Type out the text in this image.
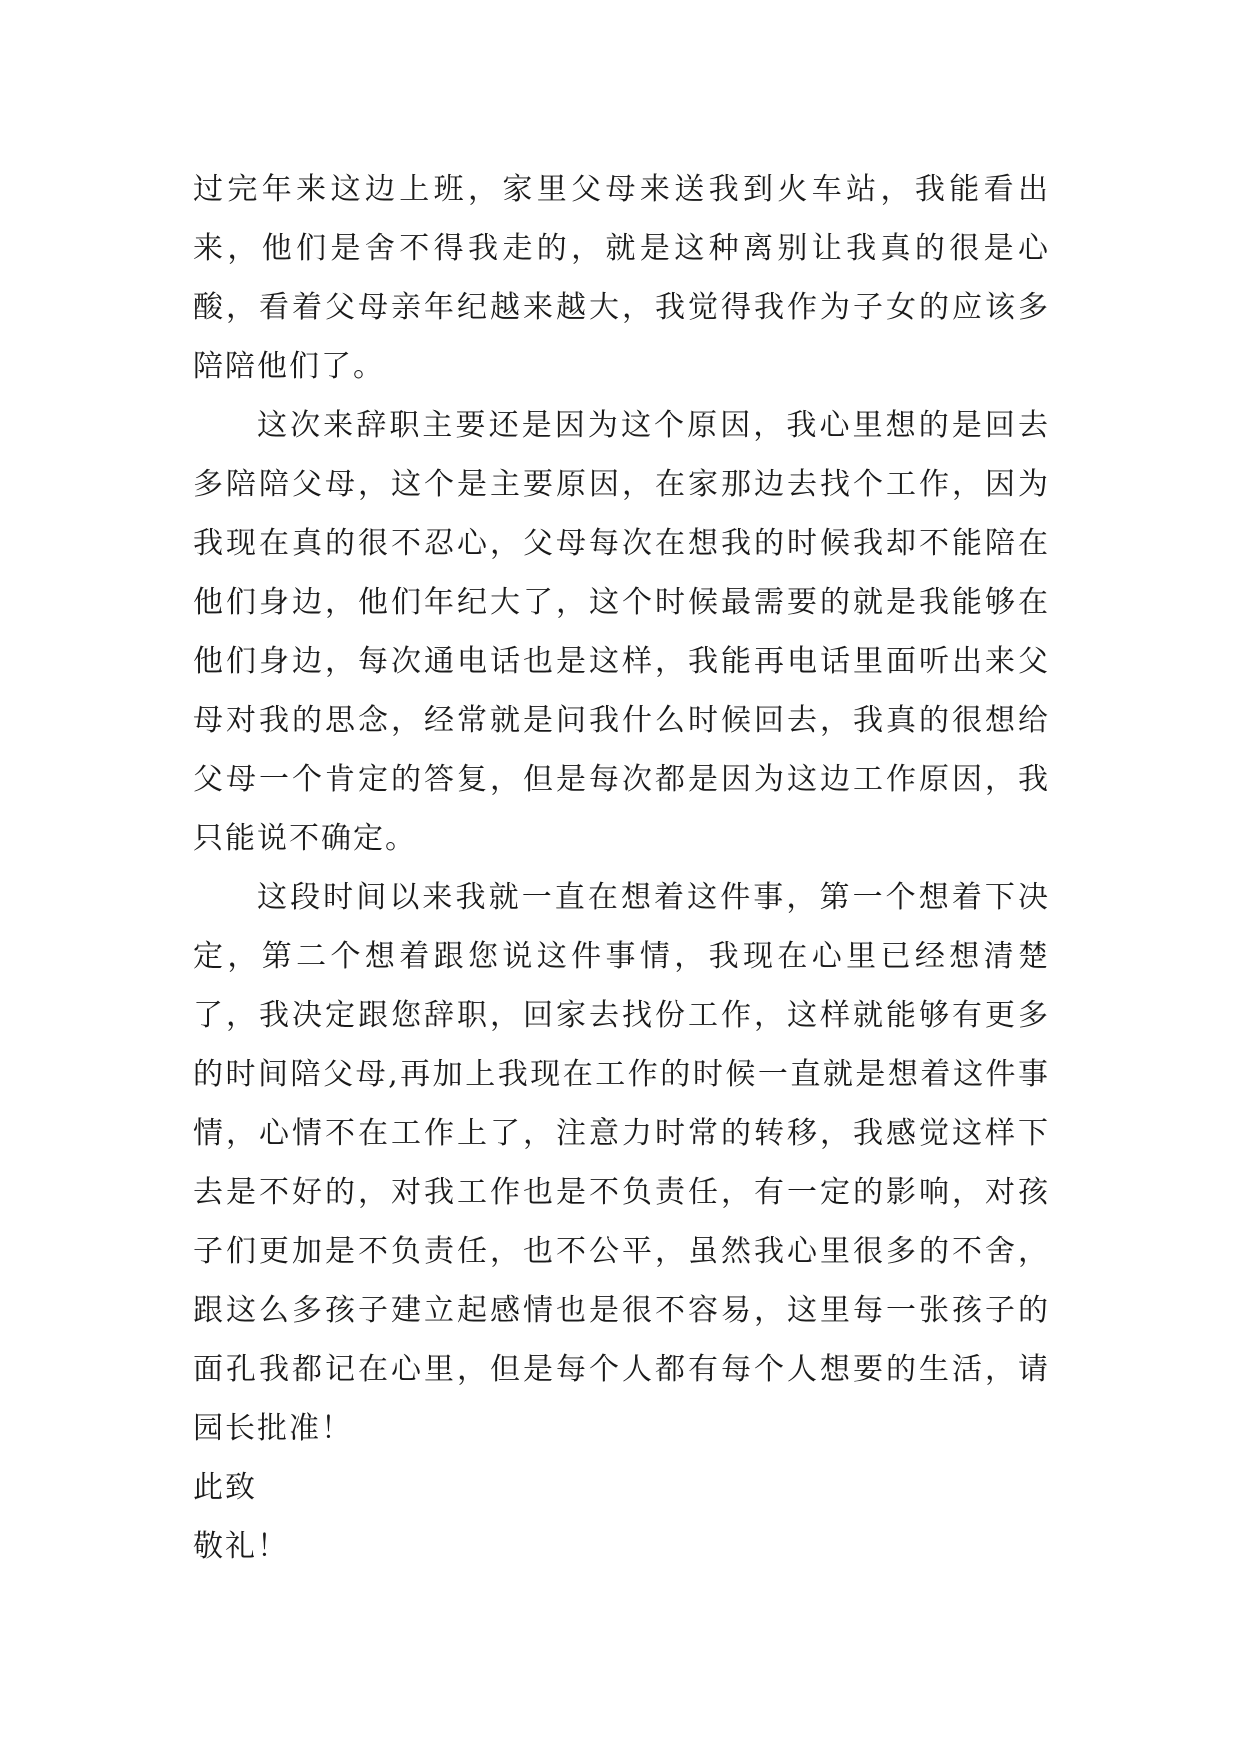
过完年来这边上班，家里父母来送我到火车站，我能看出来，他们是舍不得我走的，就是这种离别让我真的很是心酸，看着父母亲年纪越来越大，我觉得我作为子女的应该多陪陪他们了。

这次来辞职主要还是因为这个原因，我心里想的是回去多陪陪父母，这个是主要原因，在家那边去找个工作，因为我现在真的很不忍心，父母每次在想我的时候我却不能陪在他们身边，他们年纪大了，这个时候最需要的就是我能够在他们身边，每次通电话也是这样，我能再电话里面听出来父母对我的思念，经常就是问我什么时候回去，我真的很想给父母一个肯定的答复，但是每次都是因为这边工作原因，我只能说不确定。

这段时间以来我就一直在想着这件事，第一个想着下决定，第二个想着跟您说这件事情，我现在心里已经想清楚了，我决定跟您辞职，回家去找份工作，这样就能够有更多的时间陪父母,再加上我现在工作的时候一直就是想着这件事情，心情不在工作上了，注意力时常的转移，我感觉这样下去是不好的，对我工作也是不负责任，有一定的影响，对孩子们更加是不负责任，也不公平，虽然我心里很多的不舍，跟这么多孩子建立起感情也是很不容易，这里每一张孩子的面孔我都记在心里，但是每个人都有每个人想要的生活，请园长批准！

此致

敬礼！
